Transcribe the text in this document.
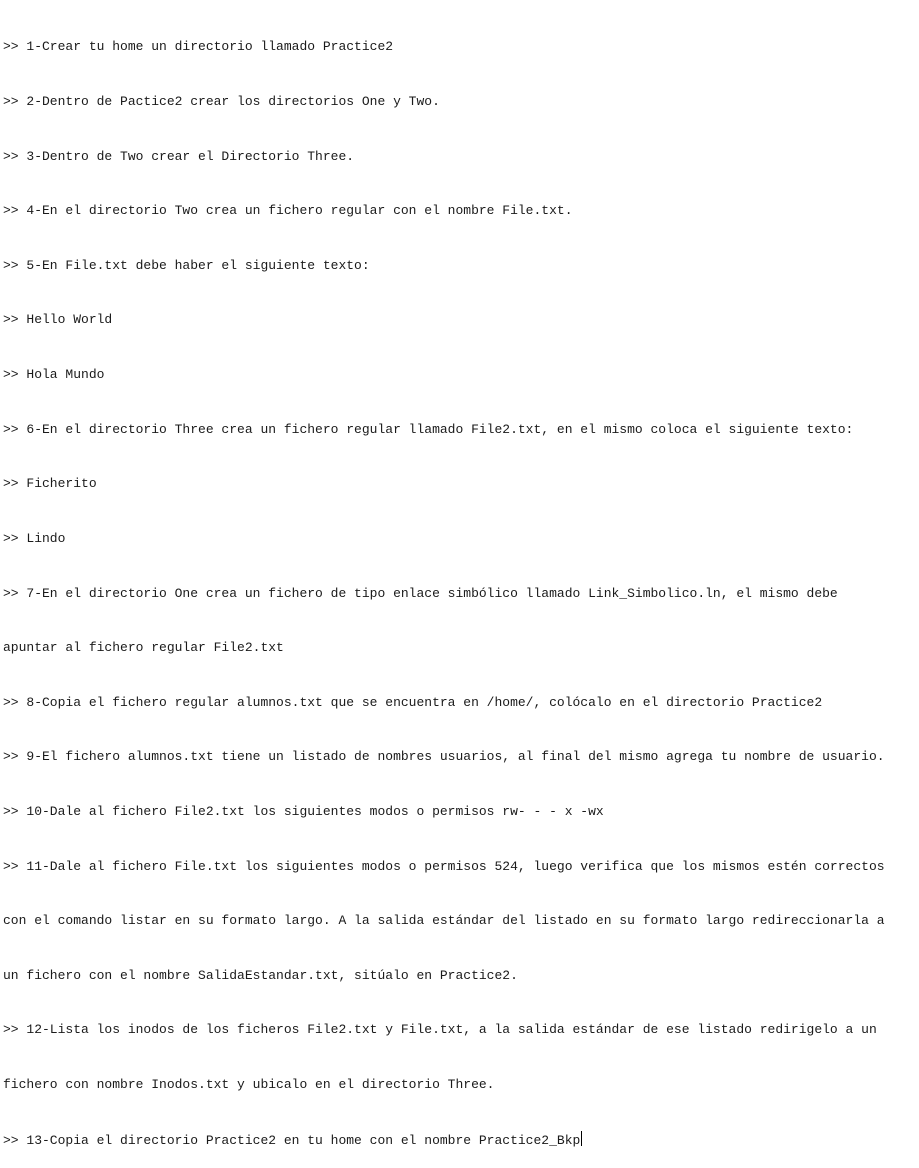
>> 1-Crear tu home un directorio llamado Practice2

>> 2-Dentro de Pactice2 crear los directorios One y Two.

>> 3-Dentro de Two crear el Directorio Three.

>> 4-En el directorio Two crea un fichero regular con el nombre File.txt.

>> 5-En File.txt debe haber el siguiente texto:

>> Hello World

>> Hola Mundo

>> 6-En el directorio Three crea un fichero regular llamado File2.txt, en el mismo coloca el siguiente texto:

>> Ficherito

>> Lindo

>> 7-En el directorio One crea un fichero de tipo enlace simbólico llamado Link_Simbolico.ln, el mismo debe

apuntar al fichero regular File2.txt

>> 8-Copia el fichero regular alumnos.txt que se encuentra en /home/, colócalo en el directorio Practice2

>> 9-El fichero alumnos.txt tiene un listado de nombres usuarios, al final del mismo agrega tu nombre de usuario.

>> 10-Dale al fichero File2.txt los siguientes modos o permisos rw- - - x -wx

>> 11-Dale al fichero File.txt los siguientes modos o permisos 524, luego verifica que los mismos estén correctos

con el comando listar en su formato largo. A la salida estándar del listado en su formato largo redireccionarla a

un fichero con el nombre SalidaEstandar.txt, sitúalo en Practice2.

>> 12-Lista los inodos de los ficheros File2.txt y File.txt, a la salida estándar de ese listado redirigelo a un

fichero con nombre Inodos.txt y ubicalo en el directorio Three.

>> 13-Copia el directorio Practice2 en tu home con el nombre Practice2_Bkp
